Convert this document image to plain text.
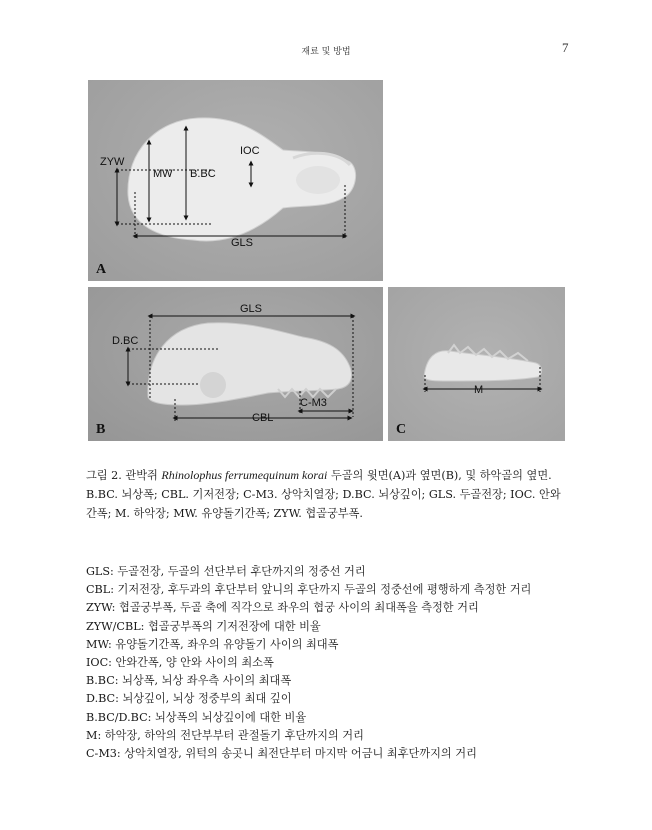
재료 및 방법	7
ZYW
MW B.BC
IOC
GLS
A
GLS
D.BC
C-M3
CBL
B
M
C
그림 2. 관박쥐 Rhinolophus ferrumequinum korai 두골의 윗면(A)과 옆면(B), 및 하악골의 옆면. B.BC. 뇌상폭; CBL. 기저전장; C-M3. 상악치열장; D.BC. 뇌상깊이; GLS. 두골전장; IOC. 안와간폭; M. 하악장; MW. 유양돌기간폭; ZYW. 협골궁부폭.
GLS: 두골전장, 두골의 선단부터 후단까지의 정중선 거리
CBL: 기저전장, 후두과의 후단부터 앞니의 후단까지 두골의 정중선에 평행하게 측정한 거리
ZYW: 협골궁부폭, 두골 축에 직각으로 좌우의 협궁 사이의 최대폭을 측정한 거리
ZYW/CBL: 협골궁부폭의 기저전장에 대한 비율
MW: 유양돌기간폭, 좌우의 유양돌기 사이의 최대폭
IOC: 안와간폭, 양 안와 사이의 최소폭
B.BC: 뇌상폭, 뇌상 좌우측 사이의 최대폭
D.BC: 뇌상깊이, 뇌상 정중부의 최대 깊이
B.BC/D.BC: 뇌상폭의 뇌상깊이에 대한 비율
M: 하악장, 하악의 전단부부터 관절돌기 후단까지의 거리
C-M3: 상악치열장, 위턱의 송곳니 최전단부터 마지막 어금니 최후단까지의 거리
